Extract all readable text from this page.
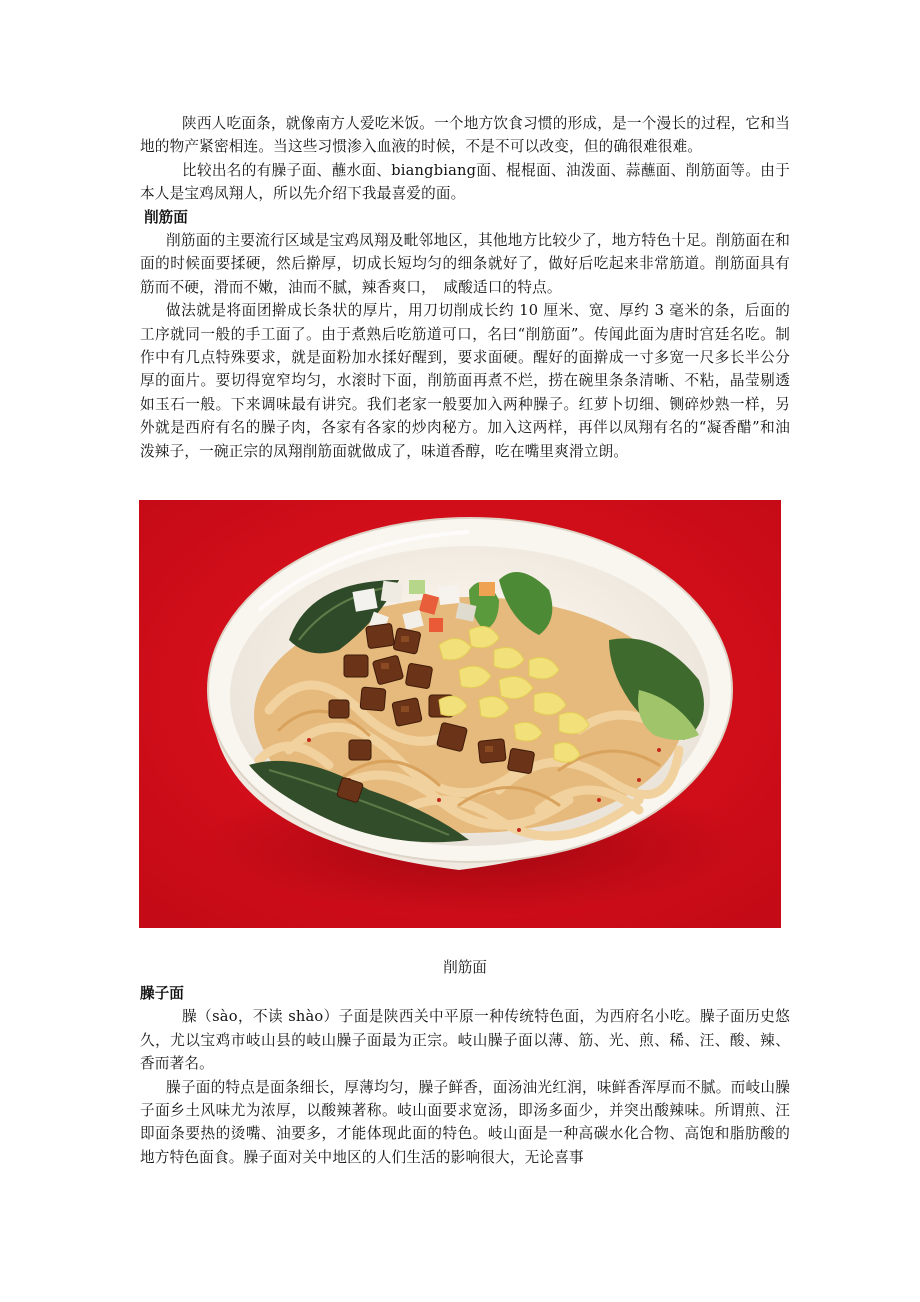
陕西人吃面条，就像南方人爱吃米饭。一个地方饮食习惯的形成，是一个漫长的过程，它和当地的物产紧密相连。当这些习惯渗入血液的时候，不是不可以改变，但的确很难很难。

比较出名的有臊子面、蘸水面、biangbiang面、棍棍面、油泼面、蒜蘸面、削筋面等。由于本人是宝鸡凤翔人，所以先介绍下我最喜爱的面。

削筋面

削筋面的主要流行区域是宝鸡凤翔及毗邻地区，其他地方比较少了，地方特色十足。削筋面在和面的时候面要揉硬，然后擀厚，切成长短均匀的细条就好了，做好后吃起来非常筋道。削筋面具有筋而不硬，滑而不嫩，油而不腻，辣香爽口，　咸酸适口的特点。

做法就是将面团擀成长条状的厚片，用刀切削成长约 10 厘米、宽、厚约 3 毫米的条，后面的工序就同一般的手工面了。由于煮熟后吃筋道可口，名曰“削筋面”。传闻此面为唐时宫廷名吃。制作中有几点特殊要求，就是面粉加水揉好醒到，要求面硬。醒好的面擀成一寸多宽一尺多长半公分厚的面片。要切得宽窄均匀，水滚时下面，削筋面再煮不烂，捞在碗里条条清晰、不粘，晶莹剔透如玉石一般。下来调味最有讲究。我们老家一般要加入两种臊子。红萝卜切细、铡碎炒熟一样，另外就是西府有名的臊子肉，各家有各家的炒肉秘方。加入这两样，再伴以凤翔有名的“凝香醋”和油泼辣子，一碗正宗的凤翔削筋面就做成了，味道香醇，吃在嘴里爽滑立朗。

削筋面
臊子面

臊（sào，不读 shào）子面是陕西关中平原一种传统特色面，为西府名小吃。臊子面历史悠久，尤以宝鸡市岐山县的岐山臊子面最为正宗。岐山臊子面以薄、筋、光、煎、稀、汪、酸、辣、香而著名。

臊子面的特点是面条细长，厚薄均匀，臊子鲜香，面汤油光红润，味鲜香浑厚而不腻。而岐山臊子面乡土风味尤为浓厚，以酸辣著称。岐山面要求宽汤，即汤多面少，并突出酸辣味。所谓煎、汪即面条要热的烫嘴、油要多，才能体现此面的特色。岐山面是一种高碳水化合物、高饱和脂肪酸的地方特色面食。臊子面对关中地区的人们生活的影响很大，无论喜事
